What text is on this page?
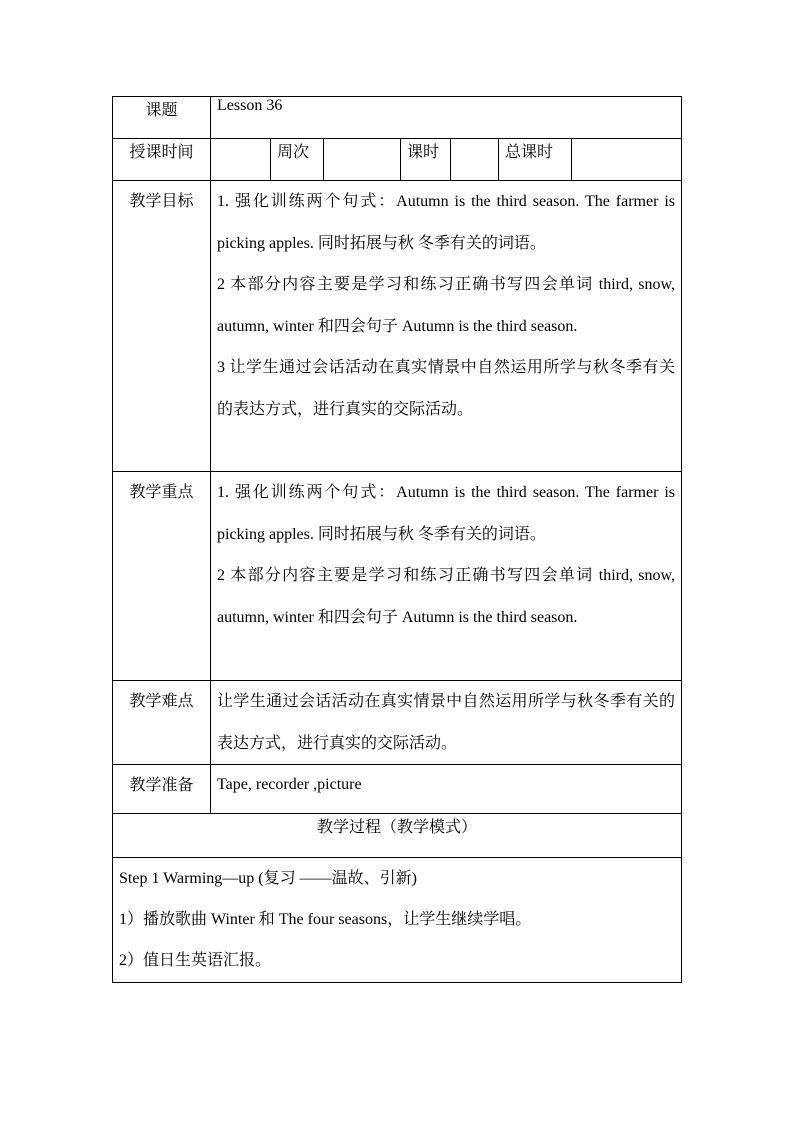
课题	Lesson 36						
授课时间		周次		课时		总课时	
教学目标	1. 强化训练两个句式：Autumn is the third season. The farmer is picking apples. 同时拓展与秋 冬季有关的词语。
2 本部分内容主要是学习和练习正确书写四会单词 third, snow, autumn, winter 和四会句子 Autumn is the third season.
3 让学生通过会话活动在真实情景中自然运用所学与秋冬季有关的表达方式，进行真实的交际活动。						

教学重点	1. 强化训练两个句式：Autumn is the third season. The farmer is picking apples. 同时拓展与秋 冬季有关的词语。
2 本部分内容主要是学习和练习正确书写四会单词 third, snow, autumn, winter 和四会句子 Autumn is the third season.						

教学难点	让学生通过会话活动在真实情景中自然运用所学与秋冬季有关的表达方式，进行真实的交际活动。						

教学准备	Tape, recorder ,picture						

教学过程（教学模式）							

Step 1 Warming—up (复习 ——温故、引新)
1）播放歌曲 Winter 和 The four seasons，让学生继续学唱。
2）值日生英语汇报。							
